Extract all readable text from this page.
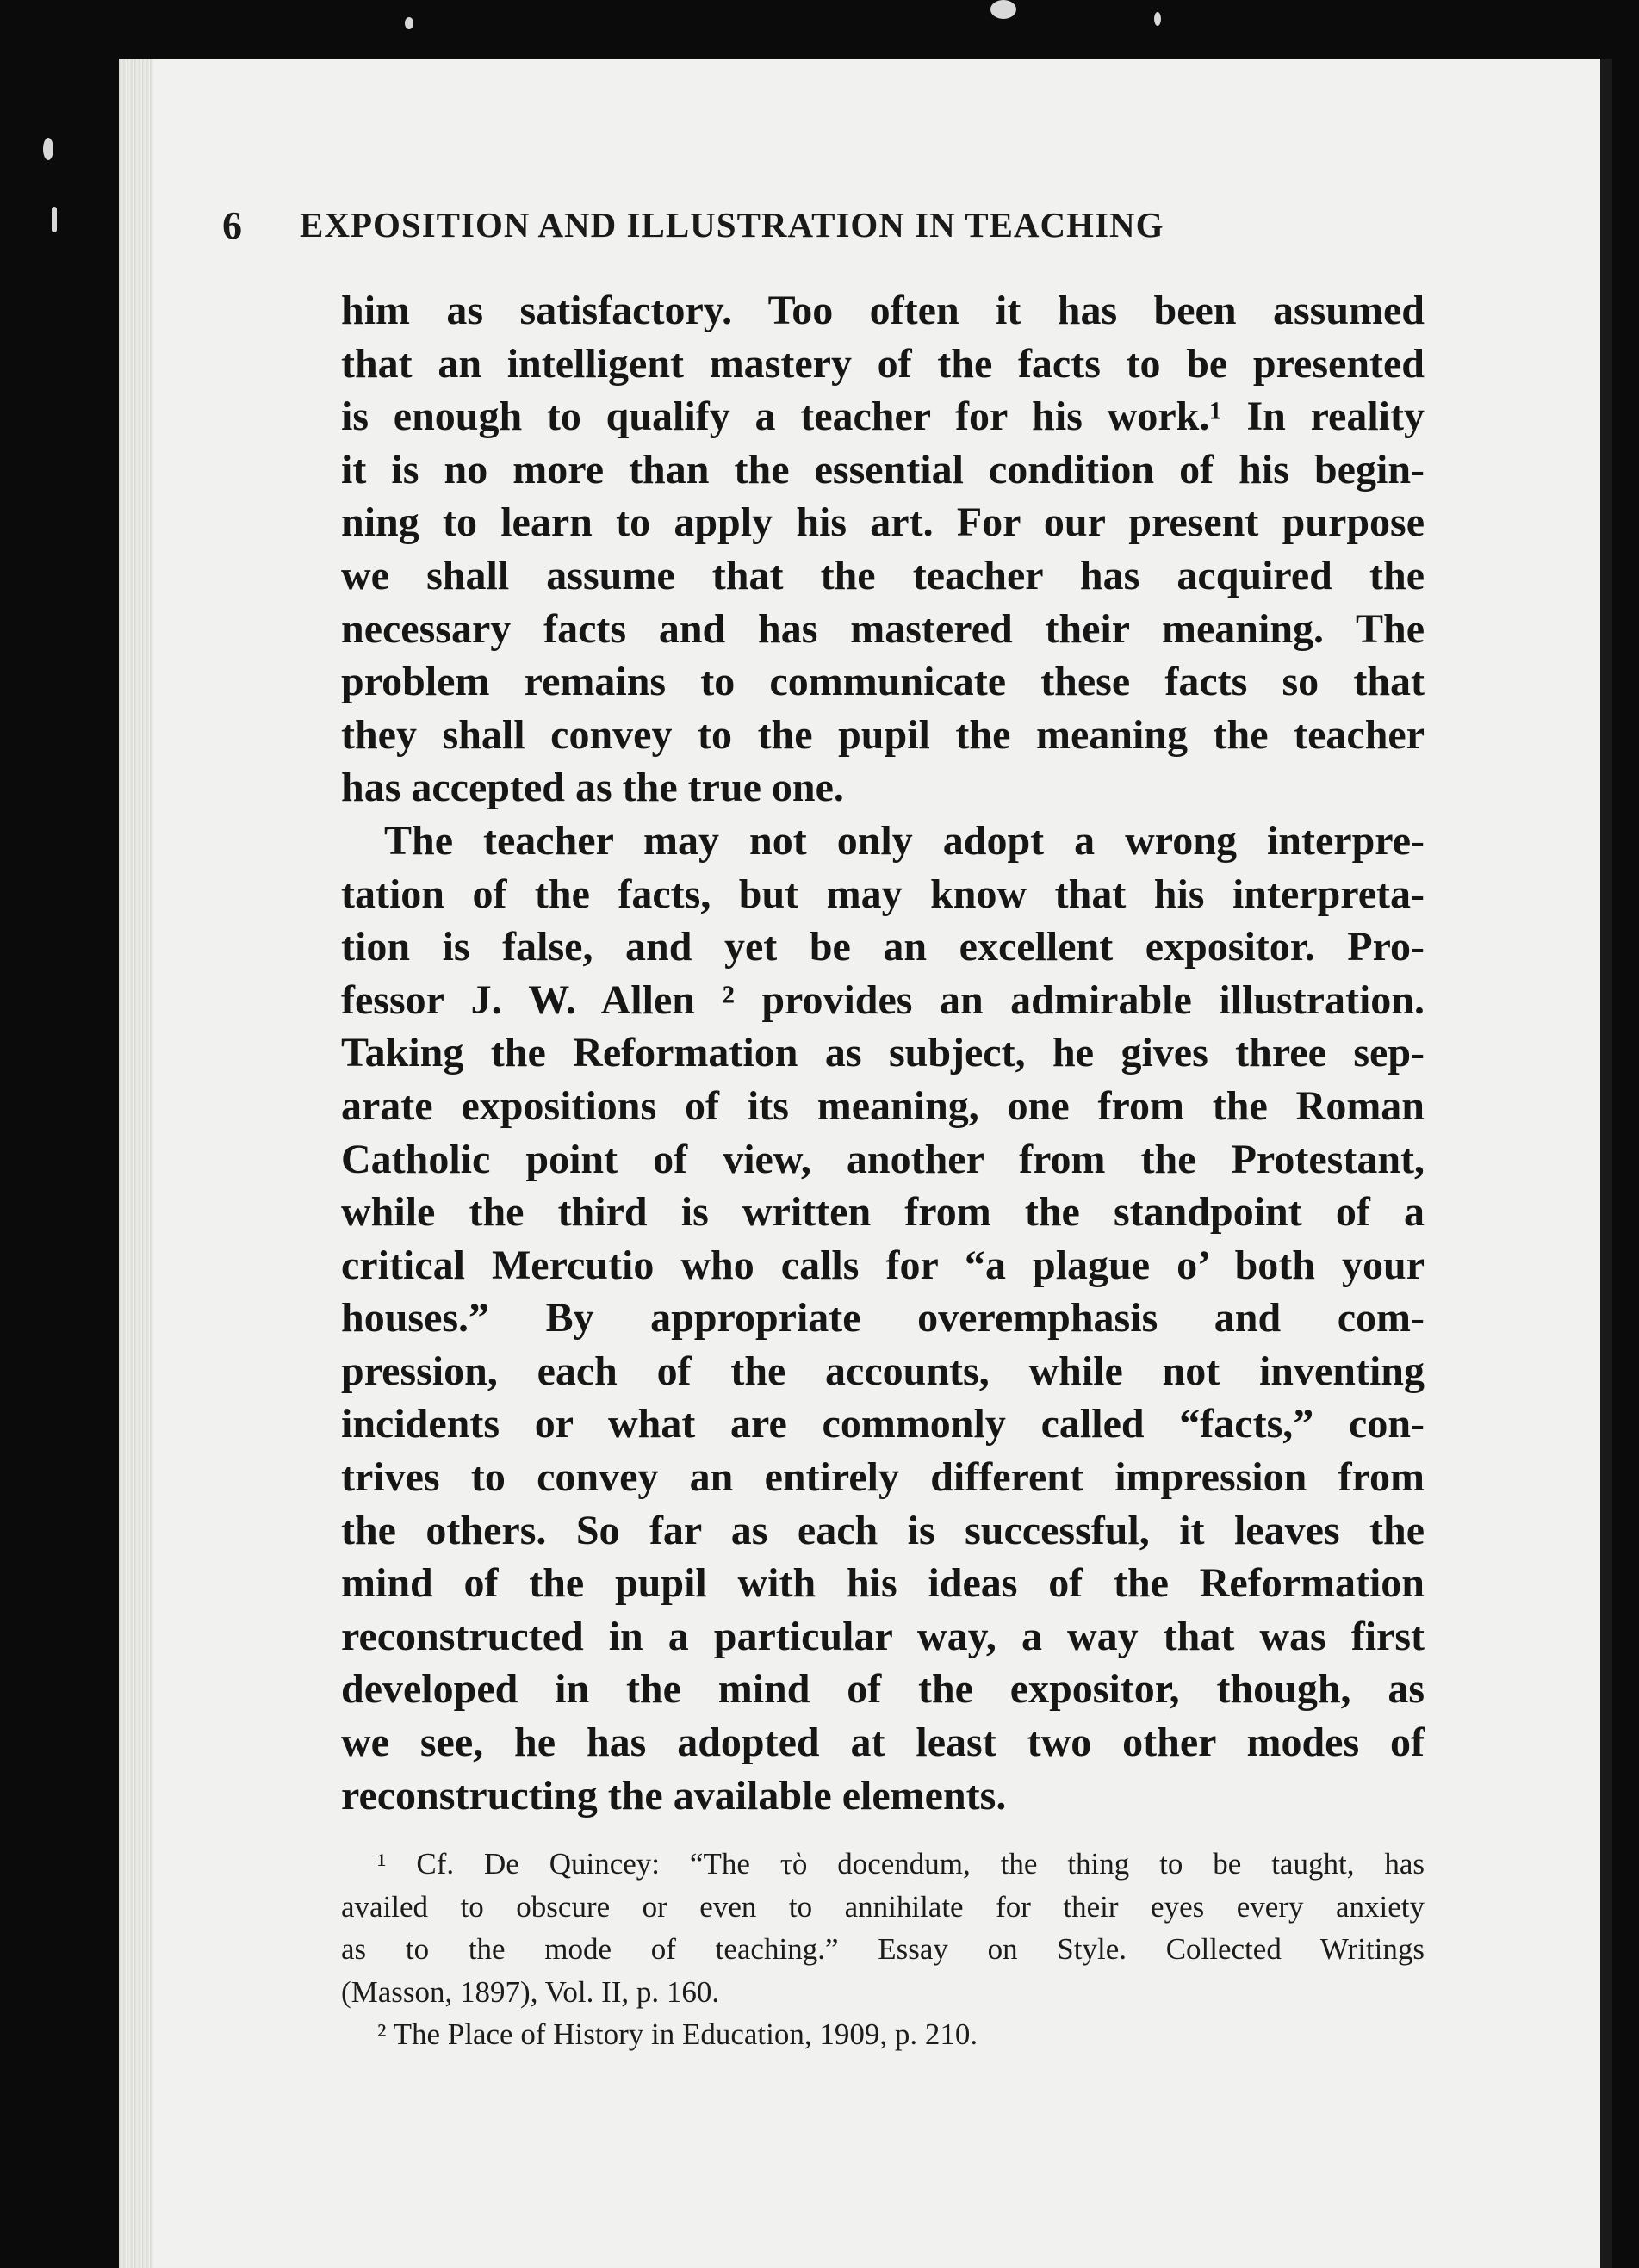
6	EXPOSITION AND ILLUSTRATION IN TEACHING
him as satisfactory. Too often it has been assumed
that an intelligent mastery of the facts to be presented
is enough to qualify a teacher for his work.¹ In reality
it is no more than the essential condition of his begin-
ning to learn to apply his art. For our present purpose
we shall assume that the teacher has acquired the
necessary facts and has mastered their meaning. The
problem remains to communicate these facts so that
they shall convey to the pupil the meaning the teacher
has accepted as the true one.
The teacher may not only adopt a wrong interpre-
tation of the facts, but may know that his interpreta-
tion is false, and yet be an excellent expositor. Pro-
fessor J. W. Allen ² provides an admirable illustration.
Taking the Reformation as subject, he gives three sep-
arate expositions of its meaning, one from the Roman
Catholic point of view, another from the Protestant,
while the third is written from the standpoint of a
critical Mercutio who calls for “a plague o’ both your
houses.” By appropriate overemphasis and com-
pression, each of the accounts, while not inventing
incidents or what are commonly called “facts,” con-
trives to convey an entirely different impression from
the others. So far as each is successful, it leaves the
mind of the pupil with his ideas of the Reformation
reconstructed in a particular way, a way that was first
developed in the mind of the expositor, though, as
we see, he has adopted at least two other modes of
reconstructing the available elements.
¹ Cf. De Quincey: “The τὸ docendum, the thing to be taught, has
availed to obscure or even to annihilate for their eyes every anxiety
as to the mode of teaching.” Essay on Style. Collected Writings
(Masson, 1897), Vol. II, p. 160.
² The Place of History in Education, 1909, p. 210.
